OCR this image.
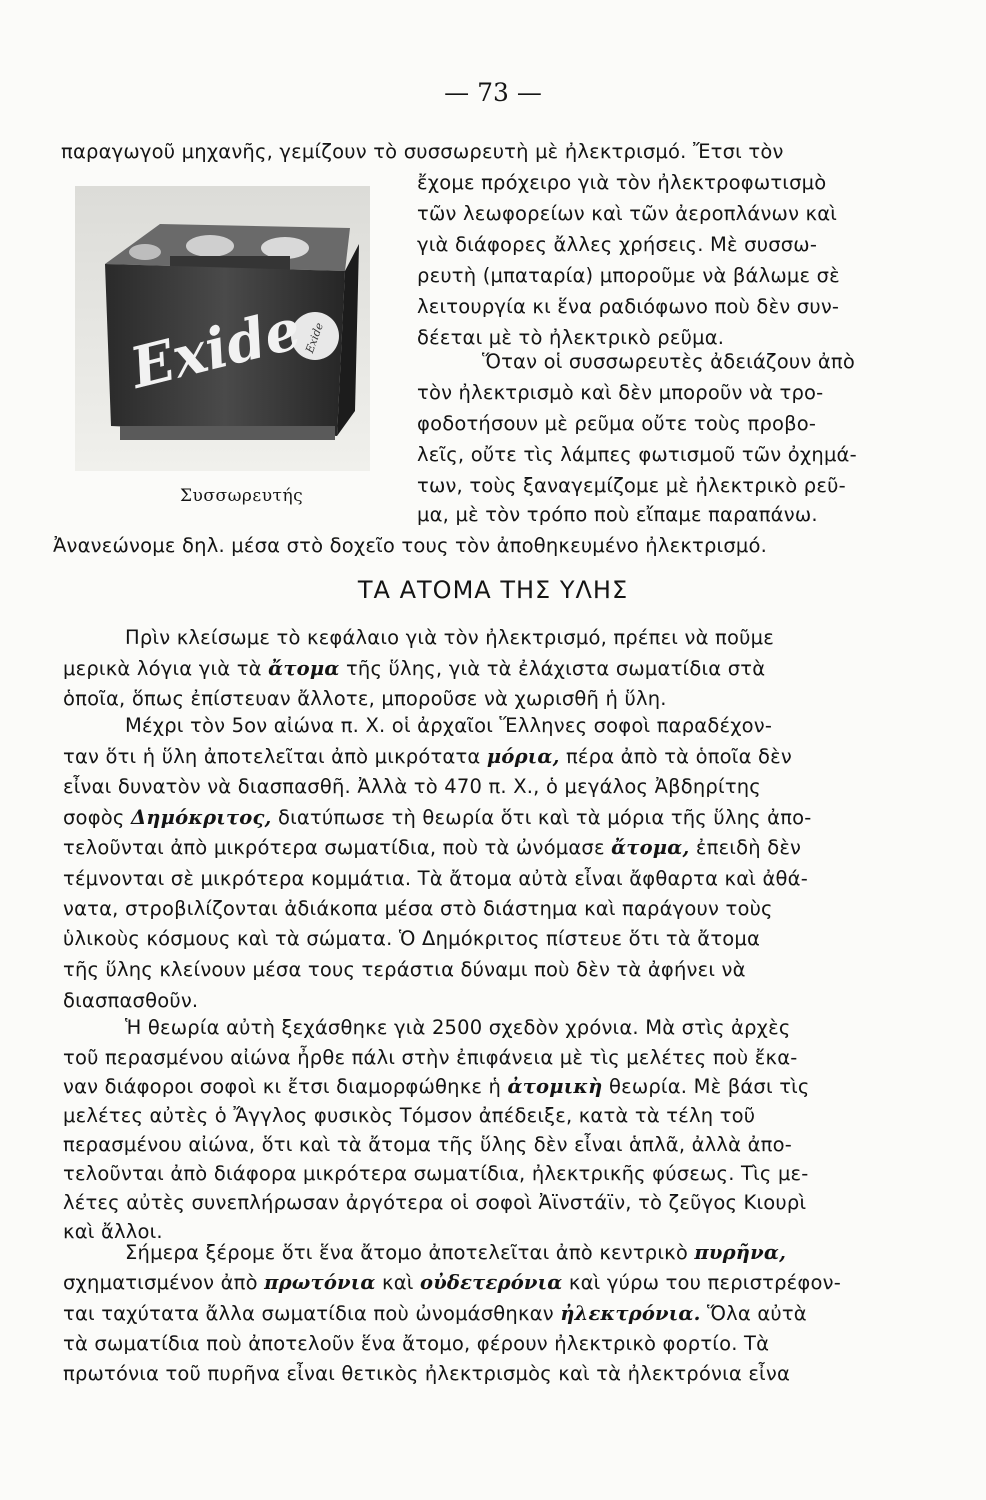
— 73 —
Exide
Exide
Συσσωρευτής
παραγωγοῦ μηχανῆς, γεμίζουν τὸ συσσωρευτὴ μὲ ἠλεκτρισμό. Ἔτσι τὸν
ἔχομε πρόχειρο γιὰ τὸν ἠλεκτροφωτισμὸ
τῶν λεωφορείων καὶ τῶν ἀεροπλάνων καὶ
γιὰ διάφορες ἄλλες χρήσεις. Μὲ συσσω-
ρευτὴ (μπαταρία) μποροῦμε νὰ βάλωμε σὲ
λειτουργία κι ἕνα ραδιόφωνο ποὺ δὲν συν-
δέεται μὲ τὸ ἠλεκτρικὸ ρεῦμα.
Ὅταν οἱ συσσωρευτὲς ἀδειάζουν ἀπὸ
τὸν ἠλεκτρισμὸ καὶ δὲν μποροῦν νὰ τρο-
φοδοτήσουν μὲ ρεῦμα οὔτε τοὺς προβο-
λεῖς, οὔτε τὶς λάμπες φωτισμοῦ τῶν ὀχημά-
των, τοὺς ξαναγεμίζομε μὲ ἠλεκτρικὸ ρεῦ-
μα, μὲ τὸν τρόπο ποὺ εἴπαμε παραπάνω.
Ἀνανεώνομε δηλ. μέσα στὸ δοχεῖο τους τὸν ἀποθηκευμένο ἠλεκτρισμό.
ΤΑ ΑΤΟΜΑ ΤΗΣ ΥΛΗΣ
Πρὶν κλείσωμε τὸ κεφάλαιο γιὰ τὸν ἠλεκτρισμό, πρέπει νὰ ποῦμε
μερικὰ λόγια γιὰ τὰ ἄτομα τῆς ὕλης, γιὰ τὰ ἐλάχιστα σωματίδια στὰ
ὁποῖα, ὅπως ἐπίστευαν ἄλλοτε, μποροῦσε νὰ χωρισθῆ ἡ ὕλη.
Μέχρι τὸν 5ον αἰώνα π. Χ. οἱ ἀρχαῖοι Ἕλληνες σοφοὶ παραδέχον-
ταν ὅτι ἡ ὕλη ἀποτελεῖται ἀπὸ μικρότατα μόρια, πέρα ἀπὸ τὰ ὁποῖα δὲν
εἶναι δυνατὸν νὰ διασπασθῆ. Ἀλλὰ τὸ 470 π. Χ., ὁ μεγάλος Ἀβδηρίτης
σοφὸς Δημόκριτος, διατύπωσε τὴ θεωρία ὅτι καὶ τὰ μόρια τῆς ὕλης ἀπο-
τελοῦνται ἀπὸ μικρότερα σωματίδια, ποὺ τὰ ὠνόμασε ἄτομα, ἐπειδὴ δὲν
τέμνονται σὲ μικρότερα κομμάτια. Τὰ ἄτομα αὐτὰ εἶναι ἄφθαρτα καὶ ἀθά-
νατα, στροβιλίζονται ἀδιάκοπα μέσα στὸ διάστημα καὶ παράγουν τοὺς
ὑλικοὺς κόσμους καὶ τὰ σώματα. Ὁ Δημόκριτος πίστευε ὅτι τὰ ἄτομα
τῆς ὕλης κλείνουν μέσα τους τεράστια δύναμι ποὺ δὲν τὰ ἀφήνει νὰ
διασπασθοῦν.
Ἡ θεωρία αὐτὴ ξεχάσθηκε γιὰ 2500 σχεδὸν χρόνια. Μὰ στὶς ἀρχὲς
τοῦ περασμένου αἰώνα ἦρθε πάλι στὴν ἐπιφάνεια μὲ τὶς μελέτες ποὺ ἔκα-
ναν διάφοροι σοφοὶ κι ἔτσι διαμορφώθηκε ἡ ἀτομικὴ θεωρία. Μὲ βάσι τὶς
μελέτες αὐτὲς ὁ Ἄγγλος φυσικὸς Τόμσον ἀπέδειξε, κατὰ τὰ τέλη τοῦ
περασμένου αἰώνα, ὅτι καὶ τὰ ἄτομα τῆς ὕλης δὲν εἶναι ἁπλᾶ, ἀλλὰ ἀπο-
τελοῦνται ἀπὸ διάφορα μικρότερα σωματίδια, ἠλεκτρικῆς φύσεως. Τὶς με-
λέτες αὐτὲς συνεπλήρωσαν ἀργότερα οἱ σοφοὶ Ἀϊνστάϊν, τὸ ζεῦγος Κιουρὶ
καὶ ἄλλοι.
Σήμερα ξέρομε ὅτι ἕνα ἄτομο ἀποτελεῖται ἀπὸ κεντρικὸ πυρῆνα,
σχηματισμένον ἀπὸ πρωτόνια καὶ οὐδετερόνια καὶ γύρω του περιστρέφον-
ται ταχύτατα ἄλλα σωματίδια ποὺ ὠνομάσθηκαν ἠλεκτρόνια. Ὅλα αὐτὰ
τὰ σωματίδια ποὺ ἀποτελοῦν ἕνα ἄτομο, φέρουν ἠλεκτρικὸ φορτίο. Τὰ
πρωτόνια τοῦ πυρῆνα εἶναι θετικὸς ἠλεκτρισμὸς καὶ τὰ ἠλεκτρόνια εἶνα
